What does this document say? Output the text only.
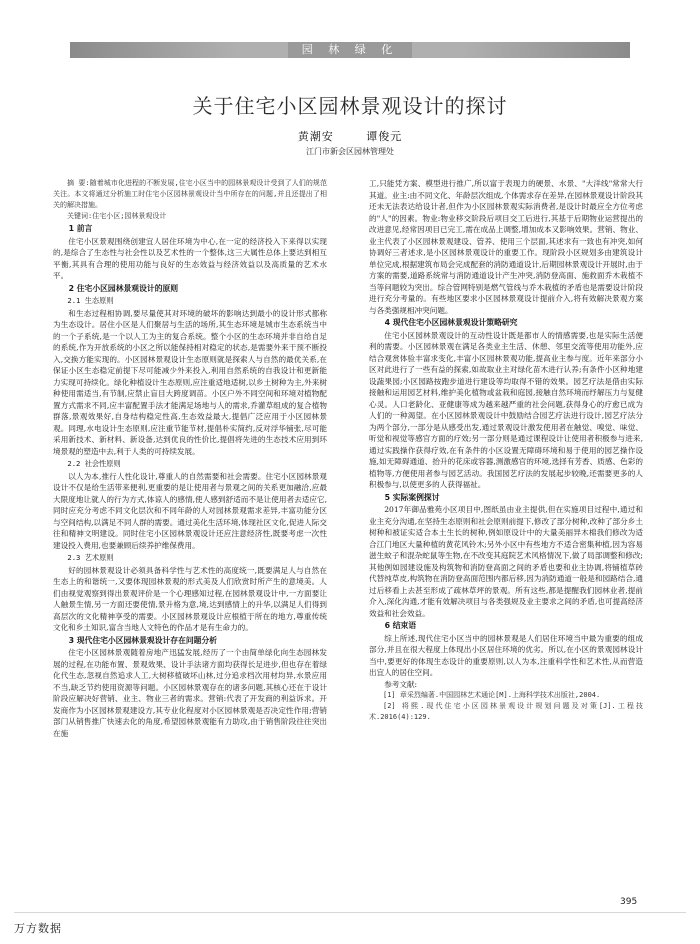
园 林 绿 化
关于住宅小区园林景观设计的探讨
黄潮安	谭俊元
江门市新会区园林管理处

摘 要:随着城市化进程的不断发展,住宅小区当中的园林景观设计受到了人们的规范关注。本文将通过分析施工时住宅小区园林景观设计当中所存在的问题,并且还提出了相关的解决措施。

关键词:住宅小区;园林景观设计

1 前言

住宅小区景观围绕创建宜人居住环境为中心,在一定的经济投入下来得以实现的,是综合了生态性与社会性以及艺术性的一个整体,这三大属性总体上要达到相互平衡,其具有合理的使用功能与良好的生态效益与经济效益以及高质量的艺术水平。

2 住宅小区园林景观设计的原则
2.1 生态原则

和生态过程相协调,要尽量使其对环境的破坏的影响达到最小的设计形式都称为生态设计。居住小区是人们聚居与生活的场所,其生态环境是城市生态系统当中的一个子系统,是一个以人工为主的复合系统。整个小区的生态环境并非自给自足的系统,作为开放系统的小区之所以能保持相对稳定的状态,是需要外来干预不断投入,交换方能实现的。小区园林景观设计生态原则就是探索人与自然的最优关系,在保证小区生态稳定前提下尽可能减少外来投入,利用自然系统的自我设计和更新能力实现可持续化。绿化种植设计生态原则,应注重适地适树,以乡土树种为主,外来树种使用需适当,有节制,应禁止盲目大跨度调苗。小区户外不同空间和环境对植物配置方式需求不同,应丰富配置手法才能满足场地与人的需求,乔灌草组成的复合植物群落,景观效果好,自身结构稳定性高,生态效益最大,提倡广泛应用于小区园林景观。同理,水电设计生态原则,应注重节能节材,提倡朴实简约,反对浮华铺张,尽可能采用新技术、新材料、新设备,达到优良的性价比,提倡将先进的生态技术应用到环境景观的塑造中去,利于人类的可持续发展。

2.2 社会性原则

以人为本,推行人性化设计,尊重人的自然需要和社会需要。住宅小区园林景观设计不仅是给生活带来便利,更重要的是让使用者与景观之间的关系更加融洽,应最大限度地让就人的行为方式,体谅人的感情,使人感到舒适而不是让使用者去适应它,同时应充分考虑不同文化层次和不同年龄的人对园林景观需求差异,丰富功能分区与空间结构,以满足不同人群的需要。通过美化生活环境,体现社区文化,促进人际交往和精神文明建设。同时住宅小区园林景观设计还应注意经济性,既要考虑一次性建设投入费用,也要兼顾后续养护维保费用。

2.3 艺术原则

好的园林景观设计必须具备科学性与艺术性的高度统一,既要满足人与自然在生态上的和谐统一,又要体现园林景观的形式美及人们欣赏时所产生的意境美。人们由视觉观察到得出景观评价是一个心理感知过程,在园林景观设计中,一方面要让人触景生情,另一方面还要使情,景升格为意,境,达到感情上的升华,以满足人们得到高层次的文化精神享受的需要。小区园林景观设计应根植于所在的地方,尊重传统文化和乡土知识,富含当地人文特色的作品才是有生命力的。

3 现代住宅小区园林景观设计存在问题分析

住宅小区园林景观随着房地产迅猛发展,经历了一个由简单绿化向生态园林发展的过程,在功能布置、景观效果、设计手法诸方面均获得长足进步,但也存在着绿化代生态,忽视自然追求人工,大树移植破坏山林,过分追求档次用材均异,水景应用不当,缺乏节约使用资源等问题。小区园林景观存在的诸多问题,其核心还在于设计阶段应解决好营销、业主、物业三者的需求。营销:代表了开发商的利益诉求。开发商作为小区园林景观建设方,其专业化程度对小区园林景观是否决定性作用;营销部门从销售推广快速去化的角度,希望园林景观能有力助攻,由于销售阶段往往突出在施

工,只能凭方案、模型进行推广,所以富于表现力的硬景、水景、"大洋线"常常大行其道。业主:由不同文化、年龄层次组成,个体需求存在差异,在园林景观设计阶段其还未无法表达给设计者,但作为小区园林景观实际消费者,是设计时最应全方位考虑的"人"的因素。物业:物业移交阶段后项目交工后进行,其基于后期物业运营提出的改进意见,经常因项目已完工,需在成品上调整,增加成本又影响效果。营销、物业、业主代表了小区园林景观建设、管养、使用三个层面,其述求有一致也有冲突,如何协调好三者述求,是小区园林景观设计的重要工作。现阶段小区规划多由建筑设计单位完成,根据建筑布局会完成配套的消防通道设计,后期园林景观设计开展时,由于方案的需要,道路系统常与消防通道设计产生冲突,消防登高面、施救面乔木栽植不当等问题较为突出。综合管网特别是燃气管线与乔木栽植的矛盾也是需要设计阶段进行充分考量的。有些地区要求小区园林景观设计提前介入,将有效解决景观方案与各类强规相冲突问题。

4 现代住宅小区园林景观设计策略研究

住宅小区园林景观设计的互动性设计既是都市人的情感需要,也是实际生活便利的需要。小区园林景观在满足各类业主生活、休憩、邻里交流等使用功能外,应结合观赏体验丰富求变化,丰富小区园林景观功能,提高业主参与度。近年来部分小区对此进行了一些有益的探索,如故取业主对绿化苗木进行认养;有条件小区种地建设蔬果园;小区园路按跑步道进行建设等均取得不错的效果。园艺疗法是借由实际接触和运用园艺材料,维护美化植物或盆栽和庭园,接触自然环境而纾解压力与复健心灵。人口老龄化、亚健康等成为越来越严重的社会问题,获得身心的疗愈已成为人们的一种渴望。在小区园林景观设计中鼓励结合园艺疗法进行设计,园艺疗法分为两个部分,一部分是从感受出发,通过景观设计激发使用者在触觉、嗅觉、味觉、听觉和视觉等感官方面的疗效;另一部分则是通过课程设计让使用者积极参与进来,通过实践操作获得疗效,在有条件的小区设置无障碍环境和易于使用的园艺操作设施,如无障碍通道、抬升的花床或容器,测激感官的环境,选择有芳香、质感、色彩的植物等,方便使用者参与园艺活动。我国园艺疗法的发展起步较晚,还需要更多的人积极参与,以使更多的人获得福祉。

5 实际案例探讨

2017年御品雅苑小区项目中,图纸虽由业主提供,但在实施项目过程中,通过和业主充分沟通,在坚持生态原则和社会原则前提下,修改了部分树种,改种了部分乡土树种和被证实适合本土生长的树种,例如原设计中的大量美丽异木棉我们修改为适合江门地区大量种植的黄花风铃木;另外小区中有些地方不适合密集种植,因为容易滋生蚊子和混杂蛇鼠等生物,在不改变其庭院艺术风格情况下,做了局部调整和修改;其他例如园建设施及构筑物和消防登高面之间的矛盾也要和业主协调,将铺植草砖代替纯草皮,构筑物在消防登高面范围内都后移,因为消防通道一般是和园路结合,通过后移看上去甚至形成了疏林草坪的景观。所有这些,都是提醒我们园林业者,提前介入,深化沟通,才能有效解决项目与各类强规及业主要求之间的矛盾,也可提高经济效益和社会效益。

6 结束语

综上所述,现代住宅小区当中的园林景观是人们居住环境当中最为重要的组成部分,并且在很大程度上体现出小区居住环境的优劣。所以,在小区的景观园林设计当中,要更好的体现生态设计的重要原则,以人为本,注重科学性和艺术性,从而营造出宜人的居住空间。

参考文献:

[1] 章采烈编著.中国园林艺术通论[M].上海科学技术出版社,2004.

[2] 将熙.现代住宅小区园林景观设计规划问题及对策[J].工程技术.2016(4):129.

395
万方数据
